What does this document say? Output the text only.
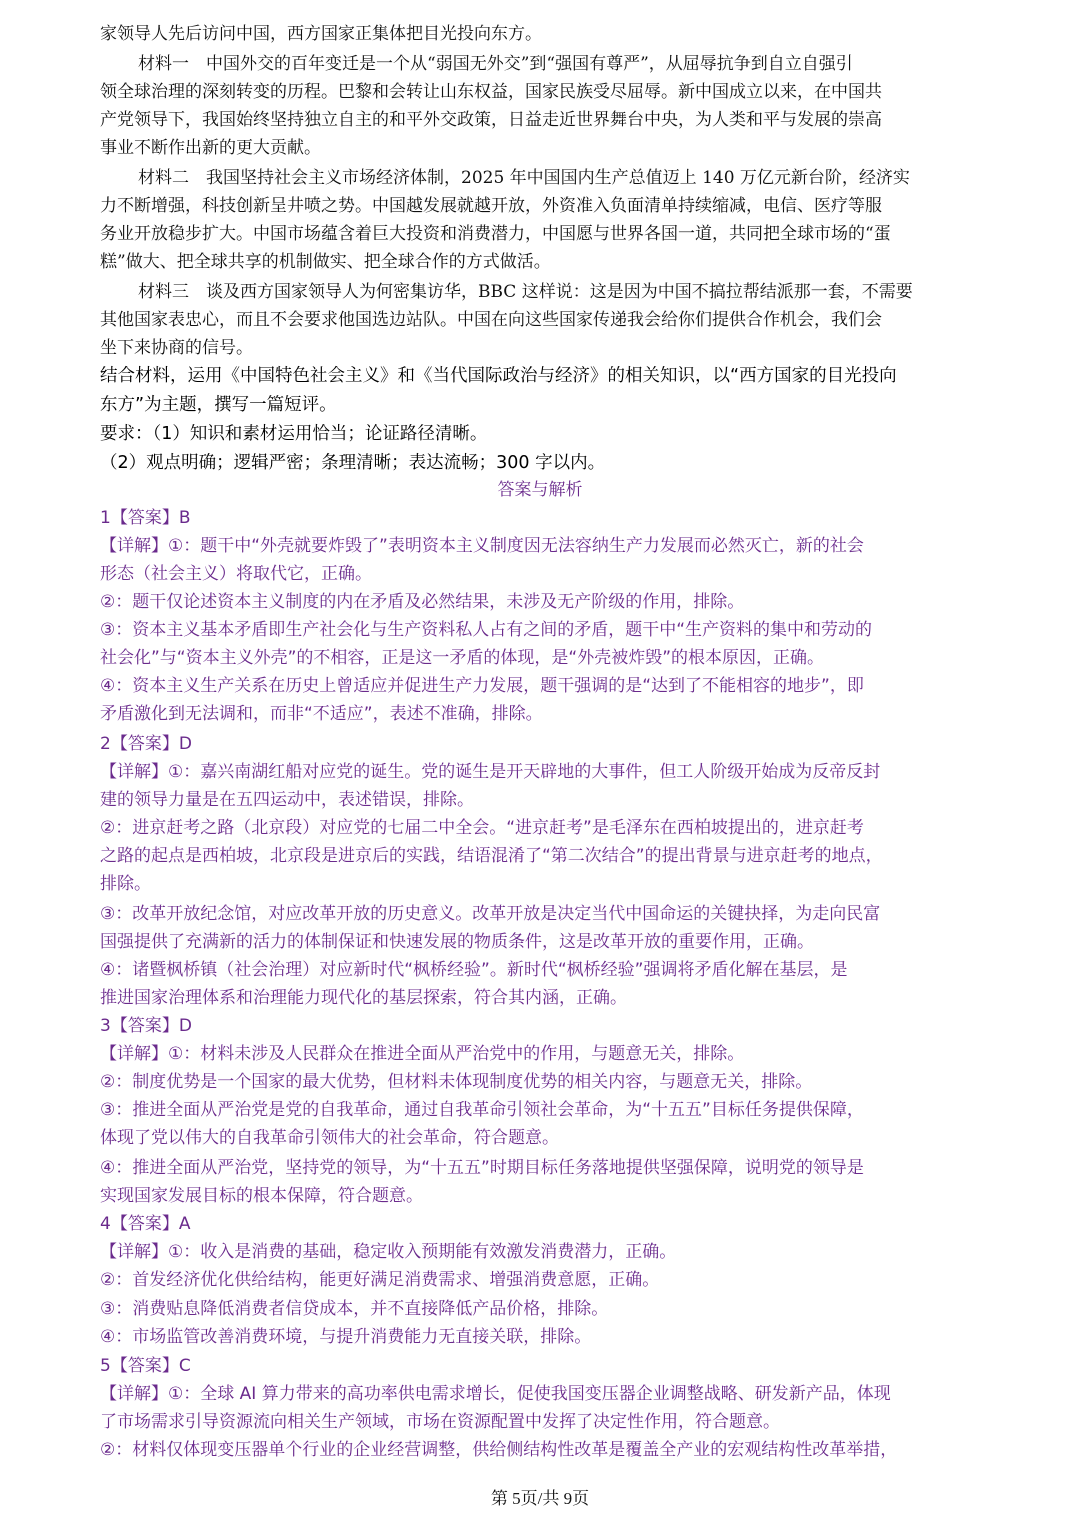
家领导人先后访问中国，西方国家正集体把目光投向东方。
材料一　中国外交的百年变迁是一个从“弱国无外交”到“强国有尊严”，从屈辱抗争到自立自强引
领全球治理的深刻转变的历程。巴黎和会转让山东权益，国家民族受尽屈辱。新中国成立以来，在中国共
产党领导下，我国始终坚持独立自主的和平外交政策，日益走近世界舞台中央，为人类和平与发展的崇高
事业不断作出新的更大贡献。
材料二　我国坚持社会主义市场经济体制，2025 年中国国内生产总值迈上 140 万亿元新台阶，经济实
力不断增强，科技创新呈井喷之势。中国越发展就越开放，外资准入负面清单持续缩减，电信、医疗等服
务业开放稳步扩大。中国市场蕴含着巨大投资和消费潜力，中国愿与世界各国一道，共同把全球市场的“蛋
糕”做大、把全球共享的机制做实、把全球合作的方式做活。
材料三　谈及西方国家领导人为何密集访华，BBC 这样说：这是因为中国不搞拉帮结派那一套，不需要
其他国家表忠心，而且不会要求他国选边站队。中国在向这些国家传递我会给你们提供合作机会，我们会
坐下来协商的信号。
结合材料，运用《中国特色社会主义》和《当代国际政治与经济》的相关知识，以“西方国家的目光投向
东方”为主题，撰写一篇短评。
要求：（1）知识和素材运用恰当；论证路径清晰。
（2）观点明确；逻辑严密；条理清晰；表达流畅；300 字以内。
答案与解析
1【答案】B
【详解】①：题干中“外壳就要炸毁了”表明资本主义制度因无法容纳生产力发展而必然灭亡，新的社会
形态（社会主义）将取代它，正确。
②：题干仅论述资本主义制度的内在矛盾及必然结果，未涉及无产阶级的作用，排除。
③：资本主义基本矛盾即生产社会化与生产资料私人占有之间的矛盾，题干中“生产资料的集中和劳动的
社会化”与“资本主义外壳”的不相容，正是这一矛盾的体现，是“外壳被炸毁”的根本原因，正确。
④：资本主义生产关系在历史上曾适应并促进生产力发展，题干强调的是“达到了不能相容的地步”，即
矛盾激化到无法调和，而非“不适应”，表述不准确，排除。
2【答案】D
【详解】①：嘉兴南湖红船对应党的诞生。党的诞生是开天辟地的大事件，但工人阶级开始成为反帝反封
建的领导力量是在五四运动中，表述错误，排除。
②：进京赶考之路（北京段）对应党的七届二中全会。“进京赶考”是毛泽东在西柏坡提出的，进京赶考
之路的起点是西柏坡，北京段是进京后的实践，结语混淆了“第二次结合”的提出背景与进京赶考的地点，
排除。
③：改革开放纪念馆，对应改革开放的历史意义。改革开放是决定当代中国命运的关键抉择，为走向民富
国强提供了充满新的活力的体制保证和快速发展的物质条件，这是改革开放的重要作用，正确。
④：诸暨枫桥镇（社会治理）对应新时代“枫桥经验”。新时代“枫桥经验”强调将矛盾化解在基层，是
推进国家治理体系和治理能力现代化的基层探索，符合其内涵，正确。
3【答案】D
【详解】①：材料未涉及人民群众在推进全面从严治党中的作用，与题意无关，排除。
②：制度优势是一个国家的最大优势，但材料未体现制度优势的相关内容，与题意无关，排除。
③：推进全面从严治党是党的自我革命，通过自我革命引领社会革命，为“十五五”目标任务提供保障，
体现了党以伟大的自我革命引领伟大的社会革命，符合题意。
④：推进全面从严治党，坚持党的领导，为“十五五”时期目标任务落地提供坚强保障，说明党的领导是
实现国家发展目标的根本保障，符合题意。
4【答案】A
【详解】①：收入是消费的基础，稳定收入预期能有效激发消费潜力，正确。
②：首发经济优化供给结构，能更好满足消费需求、增强消费意愿，正确。
③：消费贴息降低消费者信贷成本，并不直接降低产品价格，排除。
④：市场监管改善消费环境，与提升消费能力无直接关联，排除。
5【答案】C
【详解】①：全球 AI 算力带来的高功率供电需求增长，促使我国变压器企业调整战略、研发新产品，体现
了市场需求引导资源流向相关生产领域，市场在资源配置中发挥了决定性作用，符合题意。
②：材料仅体现变压器单个行业的企业经营调整，供给侧结构性改革是覆盖全产业的宏观结构性改革举措，
第 5页/共 9页
